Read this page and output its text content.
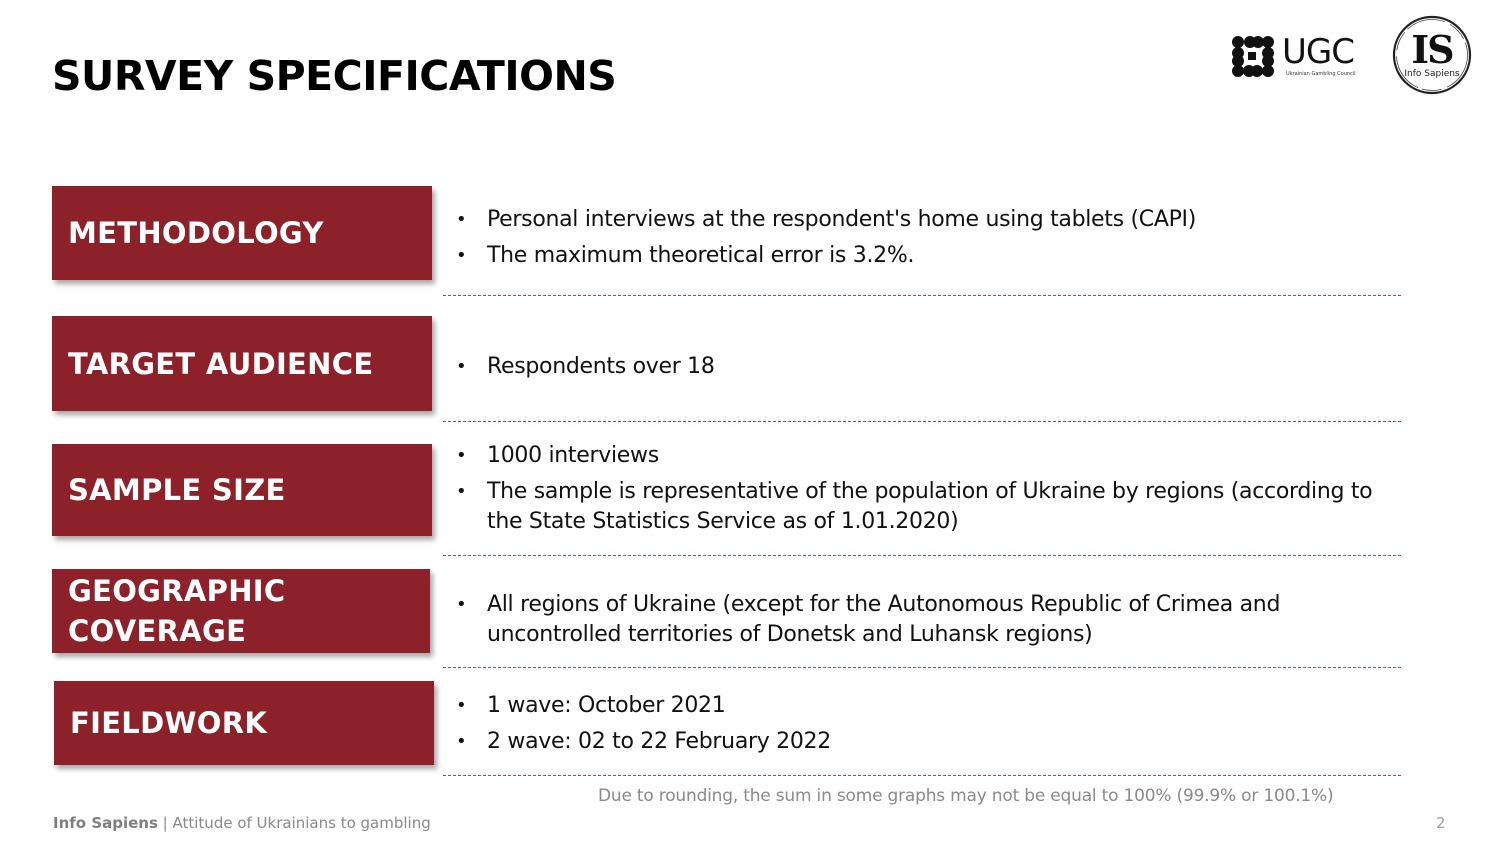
SURVEY SPECIFICATIONS	UGC
Ukrainian Gambling Council
IS
Info Sapiens
METHODOLOGY	• Personal interviews at the respondent's home using tablets (CAPI)
• The maximum theoretical error is 3.2%.
TARGET AUDIENCE	• Respondents over 18
SAMPLE SIZE
• 1000 interviews
• The sample is representative of the population of Ukraine by regions (according to the State Statistics Service as of 1.01.2020)
GEOGRAPHIC COVERAGE
• All regions of Ukraine (except for the Autonomous Republic of Crimea and uncontrolled territories of Donetsk and Luhansk regions)
FIELDWORK
• 1 wave: October 2021
• 2 wave: 02 to 22 February 2022
Due to rounding, the sum in some graphs may not be equal to 100% (99.9% or 100.1%)
Info Sapiens | Attitude of Ukrainians to gambling	2
